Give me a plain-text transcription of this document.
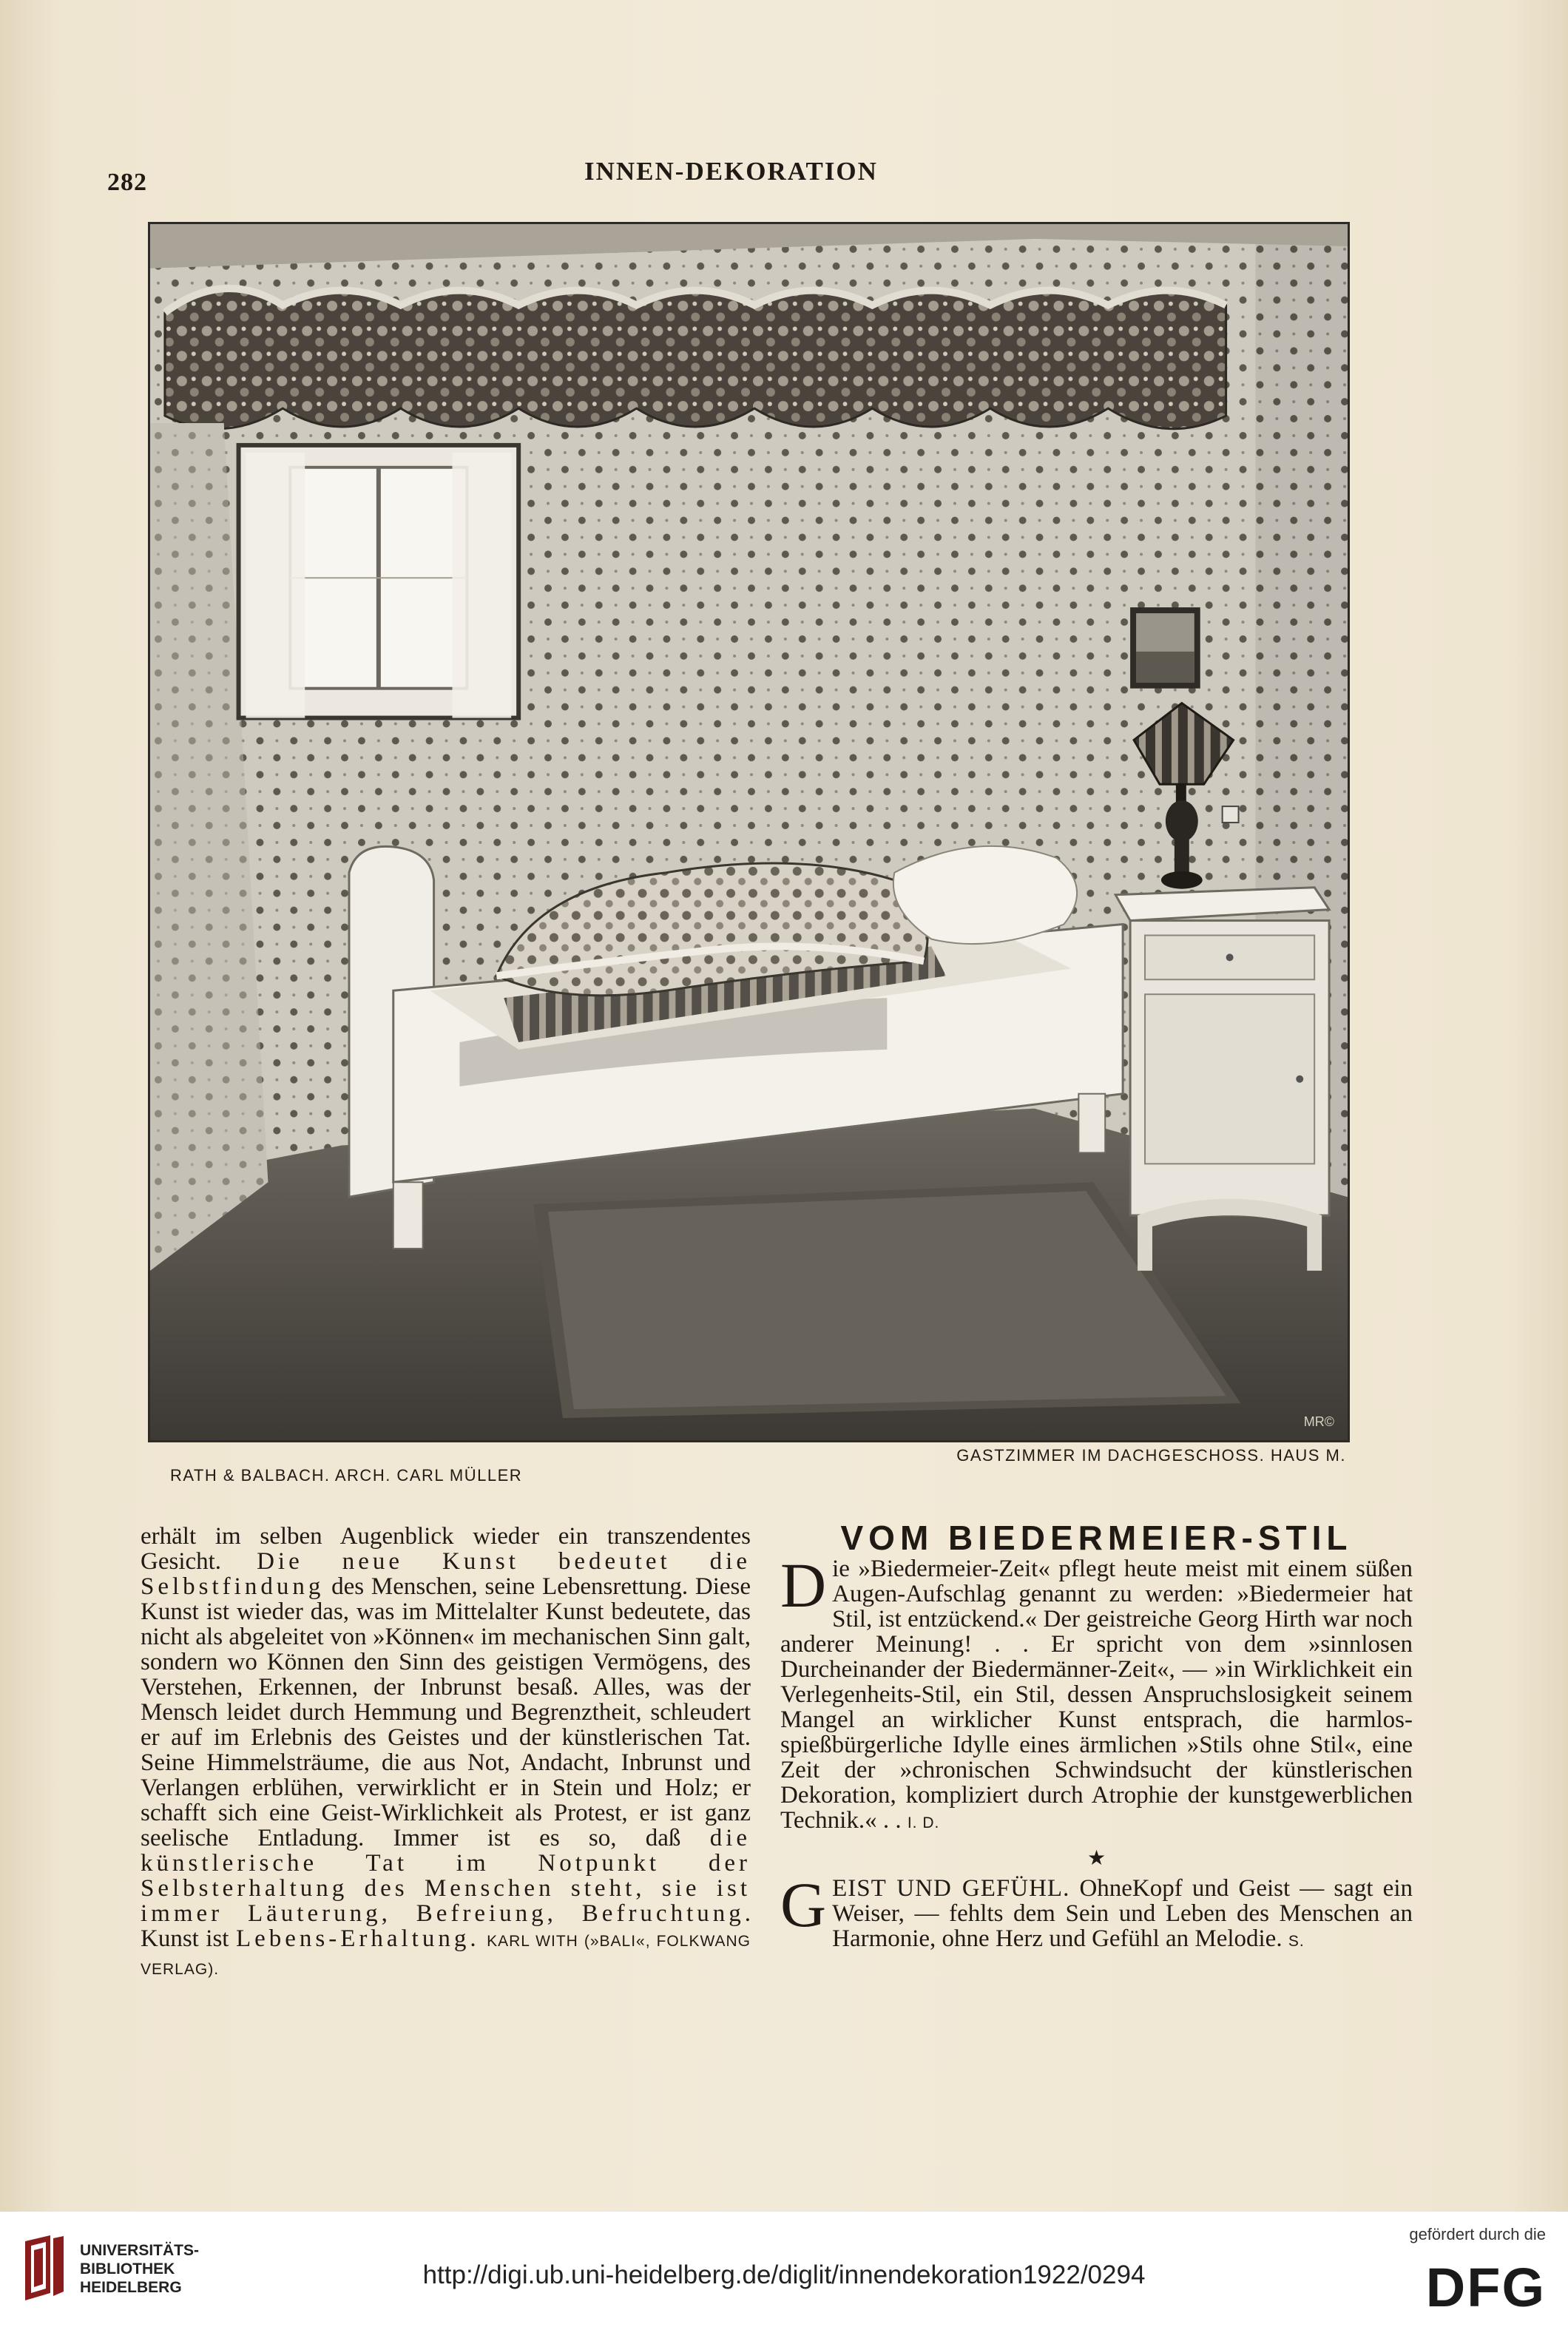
282	INNEN-DEKORATION
MR©
RATH & BALBACH. ARCH. CARL MÜLLER
GASTZIMMER IM DACHGESCHOSS. HAUS M.

erhält im selben Augenblick wieder ein transzendentes Gesicht. Die neue Kunst bedeutet die Selbstfindung des Menschen, seine Lebensrettung. Diese Kunst ist wieder das, was im Mittelalter Kunst bedeutete, das nicht als abgeleitet von »Können« im mechanischen Sinn galt, sondern wo Können den Sinn des geistigen Vermögens, des Verstehen, Erkennen, der Inbrunst besaß. Alles, was der Mensch leidet durch Hemmung und Begrenztheit, schleudert er auf im Erlebnis des Geistes und der künstlerischen Tat. Seine Himmelsträume, die aus Not, Andacht, Inbrunst und Verlangen erblühen, verwirklicht er in Stein und Holz; er schafft sich eine Geist-Wirklichkeit als Protest, er ist ganz seelische Entladung. Immer ist es so, daß die künstlerische Tat im Notpunkt der Selbsterhaltung des Menschen steht, sie ist immer Läuterung, Befreiung, Befruchtung. Kunst ist Lebens-Erhaltung. KARL WITH (»BALI«, FOLKWANG VERLAG).

VOM BIEDERMEIER-STIL

Die »Biedermeier-Zeit« pflegt heute meist mit einem süßen Augen-Aufschlag genannt zu werden: »Biedermeier hat Stil, ist entzückend.« Der geistreiche Georg Hirth war noch anderer Meinung! . . Er spricht von dem »sinnlosen Durcheinander der Biedermänner-Zeit«, — »in Wirklichkeit ein Verlegenheits-Stil, ein Stil, dessen Anspruchslosigkeit seinem Mangel an wirklicher Kunst entsprach, die harmlos-spießbürgerliche Idylle eines ärmlichen »Stils ohne Stil«, eine Zeit der »chronischen Schwindsucht der künstlerischen Dekoration, kompliziert durch Atrophie der kunstgewerblichen Technik.« . . I. D.

★

GEIST UND GEFÜHL. OhneKopf und Geist — sagt ein Weiser, — fehlts dem Sein und Leben des Menschen an Harmonie, ohne Herz und Gefühl an Melodie. S.

UNIVERSITÄTS-
BIBLIOTHEK
HEIDELBERG	http://digi.ub.uni-heidelberg.de/diglit/innendekoration1922/0294
gefördert durch die
DFG
